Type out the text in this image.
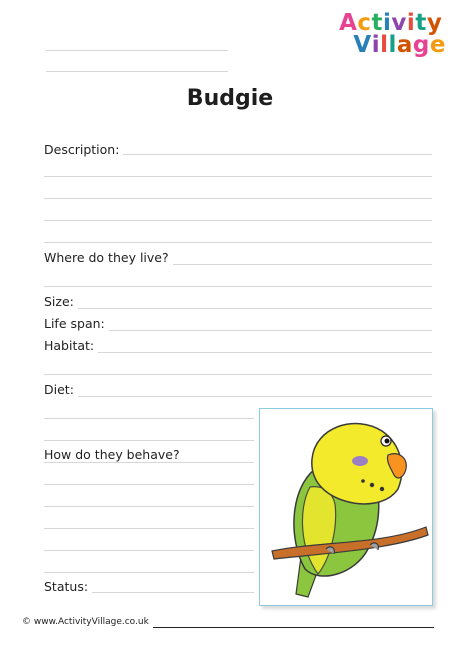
Activity
Village
Budgie
Description:
Where do they live?
Size:
Life span:
Habitat:
Diet:
How do they behave?
Status:
© www.ActivityVillage.co.uk
